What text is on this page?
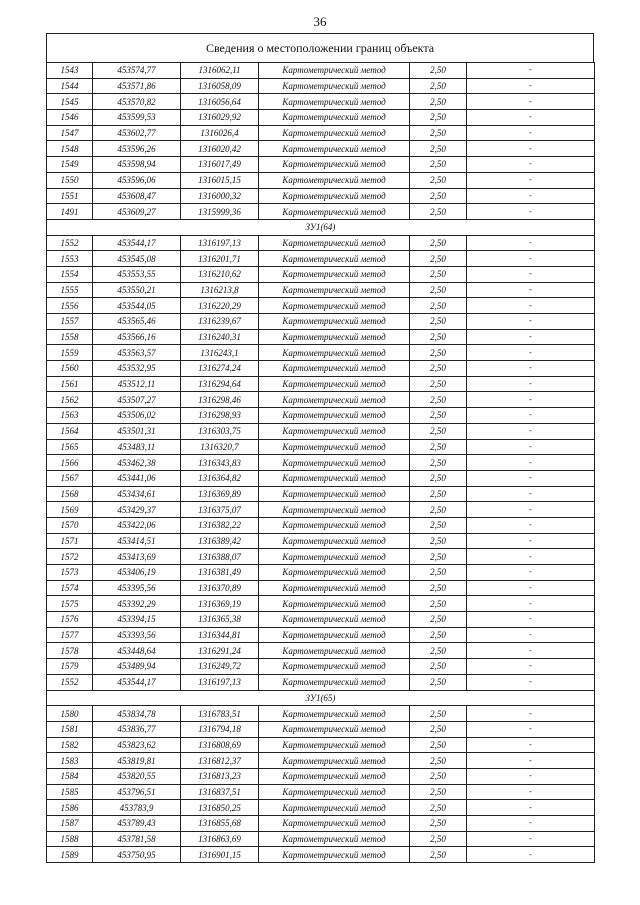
36
Сведения о местоположении границ объекта
1543	453574,77	1316062,11	Картометрический метод	2,50	-
1544	453571,86	1316058,09	Картометрический метод	2,50	-
1545	453570,82	1316056,64	Картометрический метод	2,50	-
1546	453599,53	1316029,92	Картометрический метод	2,50	-
1547	453602,77	1316026,4	Картометрический метод	2,50	-
1548	453596,26	1316020,42	Картометрический метод	2,50	-
1549	453598,94	1316017,49	Картометрический метод	2,50	-
1550	453596,06	1316015,15	Картометрический метод	2,50	-
1551	453608,47	1316000,32	Картометрический метод	2,50	-
1491	453609,27	1315999,36	Картометрический метод	2,50	-
ЗУ1(64)					
1552	453544,17	1316197,13	Картометрический метод	2,50	-
1553	453545,08	1316201,71	Картометрический метод	2,50	-
1554	453553,55	1316210,62	Картометрический метод	2,50	-
1555	453550,21	1316213,8	Картометрический метод	2,50	-
1556	453544,05	1316220,29	Картометрический метод	2,50	-
1557	453565,46	1316239,67	Картометрический метод	2,50	-
1558	453566,16	1316240,31	Картометрический метод	2,50	-
1559	453563,57	1316243,1	Картометрический метод	2,50	-
1560	453532,95	1316274,24	Картометрический метод	2,50	-
1561	453512,11	1316294,64	Картометрический метод	2,50	-
1562	453507,27	1316298,46	Картометрический метод	2,50	-
1563	453506,02	1316298,93	Картометрический метод	2,50	-
1564	453501,31	1316303,75	Картометрический метод	2,50	-
1565	453483,11	1316320,7	Картометрический метод	2,50	-
1566	453462,38	1316343,83	Картометрический метод	2,50	-
1567	453441,06	1316364,82	Картометрический метод	2,50	-
1568	453434,61	1316369,89	Картометрический метод	2,50	-
1569	453429,37	1316375,07	Картометрический метод	2,50	-
1570	453422,06	1316382,22	Картометрический метод	2,50	-
1571	453414,51	1316389,42	Картометрический метод	2,50	-
1572	453413,69	1316388,07	Картометрический метод	2,50	-
1573	453406,19	1316381,49	Картометрический метод	2,50	-
1574	453395,56	1316370,89	Картометрический метод	2,50	-
1575	453392,29	1316369,19	Картометрический метод	2,50	-
1576	453394,15	1316365,38	Картометрический метод	2,50	-
1577	453393,56	1316344,81	Картометрический метод	2,50	-
1578	453448,64	1316291,24	Картометрический метод	2,50	-
1579	453489,94	1316249,72	Картометрический метод	2,50	-
1552	453544,17	1316197,13	Картометрический метод	2,50	-
ЗУ1(65)					
1580	453834,78	1316783,51	Картометрический метод	2,50	-
1581	453836,77	1316794,18	Картометрический метод	2,50	-
1582	453823,62	1316808,69	Картометрический метод	2,50	-
1583	453819,81	1316812,37	Картометрический метод	2,50	-
1584	453820,55	1316813,23	Картометрический метод	2,50	-
1585	453796,51	1316837,51	Картометрический метод	2,50	-
1586	453783,9	1316850,25	Картометрический метод	2,50	-
1587	453789,43	1316855,68	Картометрический метод	2,50	-
1588	453781,58	1316863,69	Картометрический метод	2,50	-
1589	453750,95	1316901,15	Картометрический метод	2,50	-
